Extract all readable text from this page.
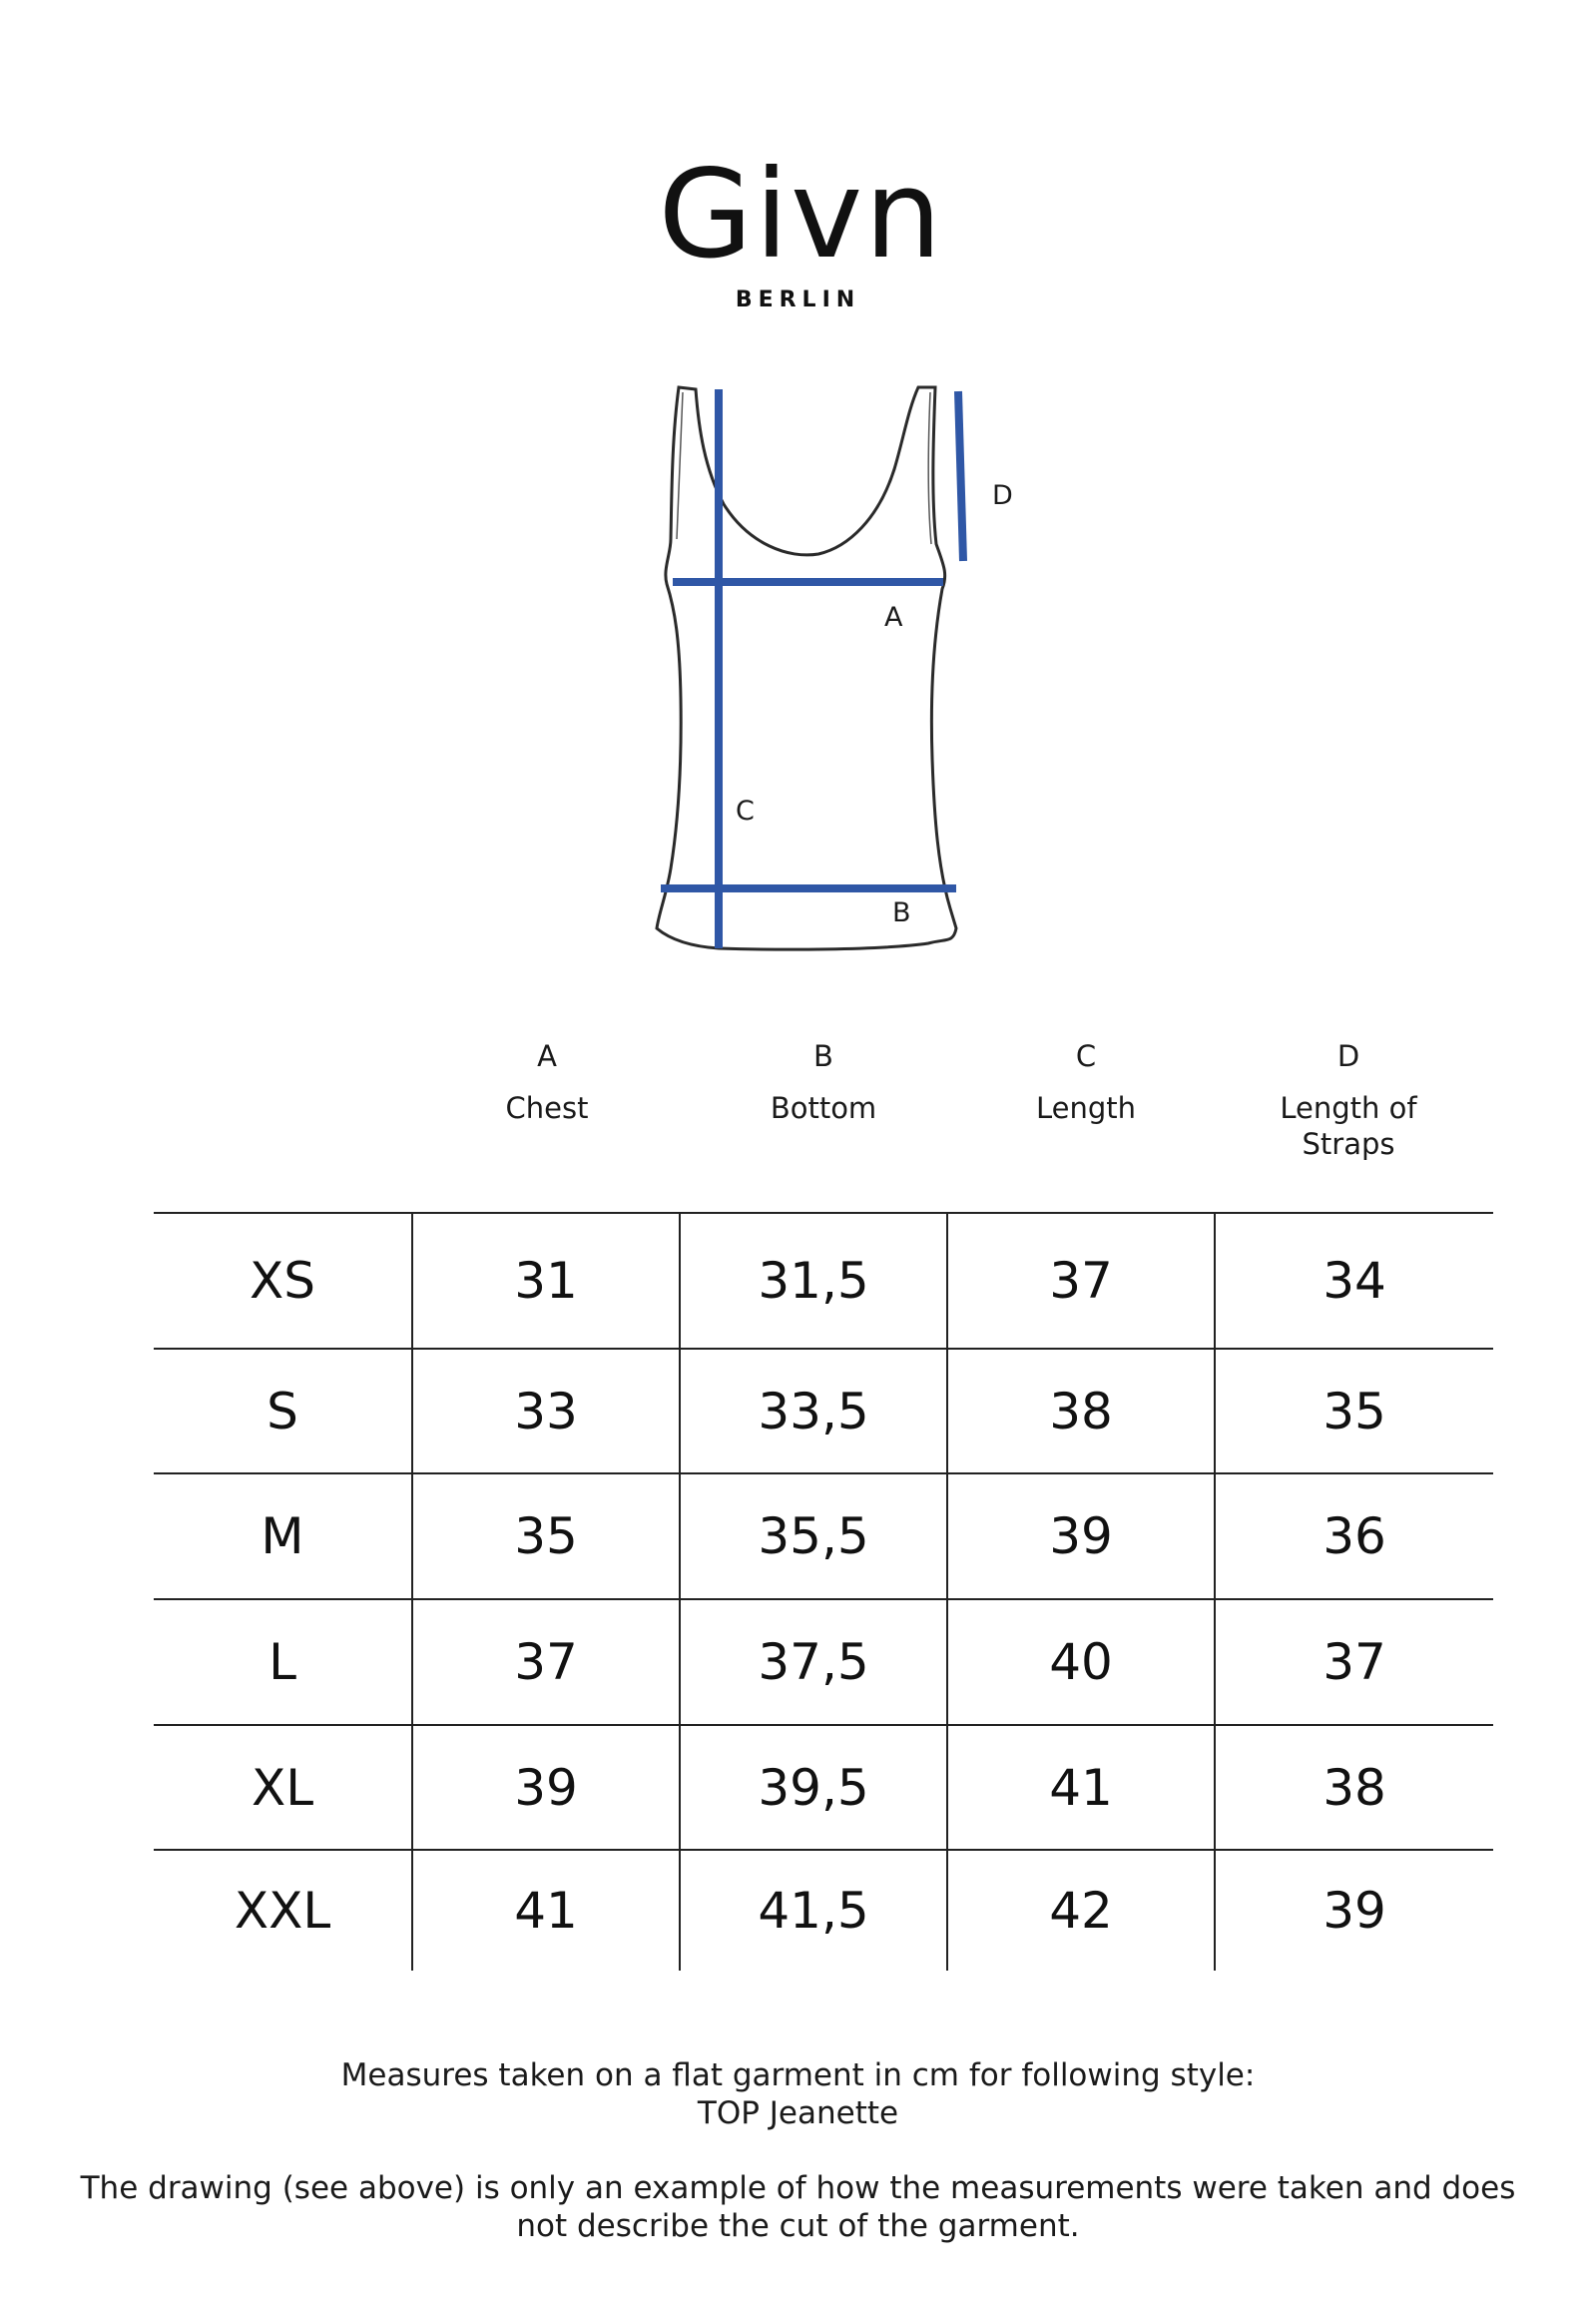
Givn
BERLIN
D
A
C
B
A
Chest
B
Bottom
C
Length
D
Length of Straps
XS	31	31,5	37	34
S	33	33,5	38	35
M	35	35,5	39	36
L	37	37,5	40	37
XL	39	39,5	41	38
XXL	41	41,5	42	39
Measures taken on a flat garment in cm for following style:
TOP Jeanette
The drawing (see above) is only an example of how the measurements were taken and does
not describe the cut of the garment.
